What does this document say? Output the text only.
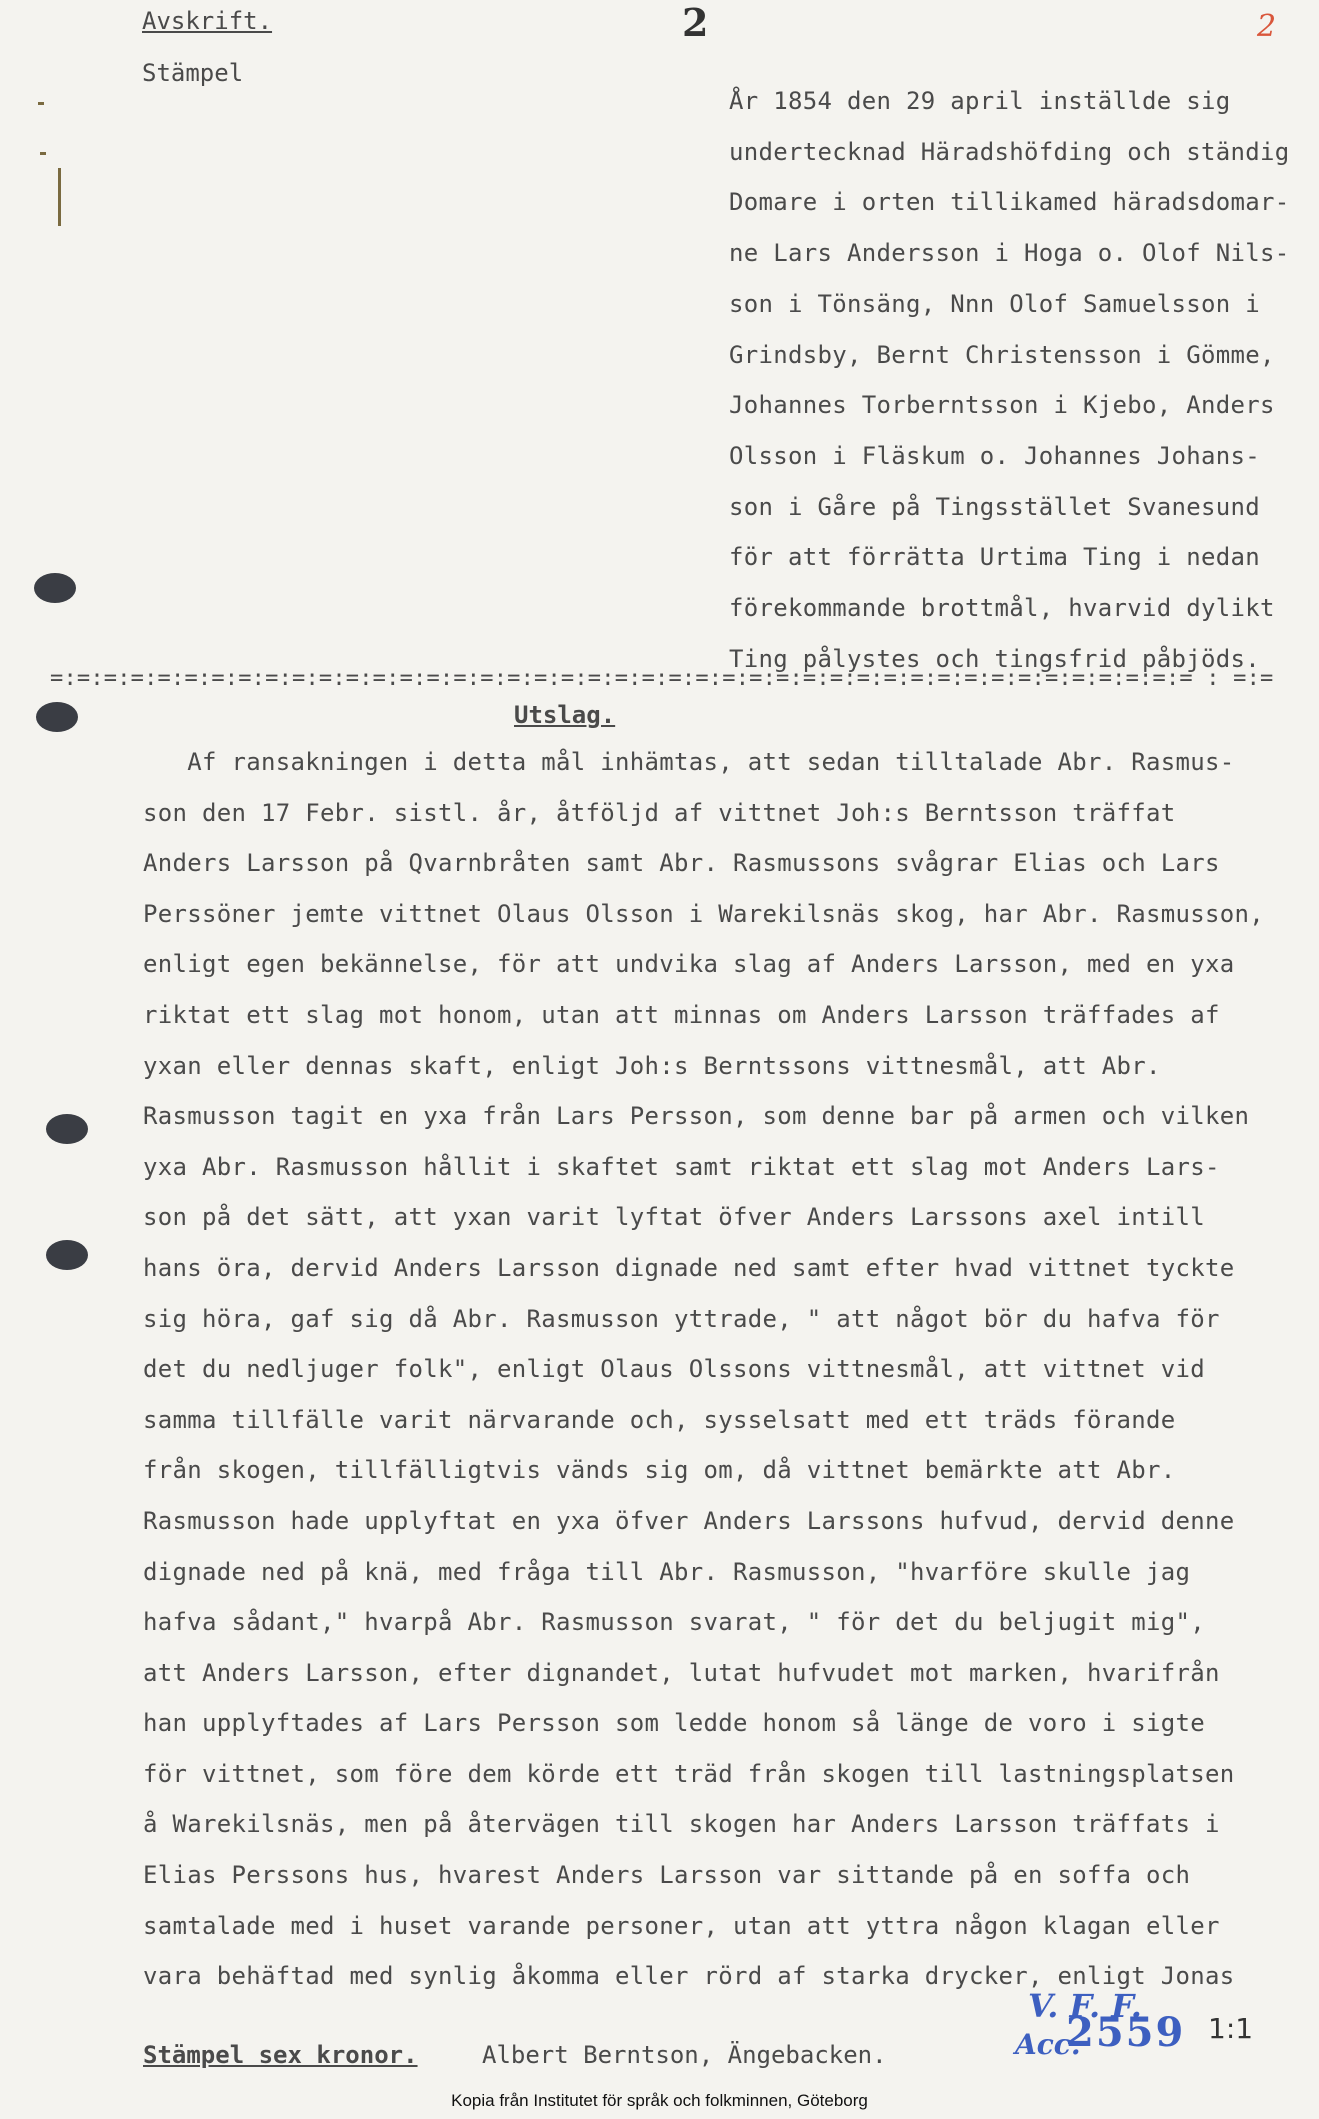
Avskrift.
Stämpel
2	2
År 1854 den 29 april inställde sig
undertecknad Häradshöfding och ständig
Domare i orten tillikamed häradsdomar-
ne Lars Andersson i Hoga o. Olof Nils-
son i Tönsäng, Nnn Olof Samuelsson i
Grindsby, Bernt Christensson i Gömme,
Johannes Torberntsson i Kjebo, Anders
Olsson i Fläskum o. Johannes Johans-
son i Gåre på Tingsstället Svanesund
för att förrätta Urtima Ting i nedan
förekommande brottmål, hvarvid dylikt
Ting pålystes och tingsfrid påbjöds.
=:=:=:=:=:=:=:=:=:=:=:=:=:=:=:=:=:=:=:=:=:=:=:=:=:=:=:=:=:=:=:=:=:=:=:=:=:=:=:=:=:=:= : =:=
Utslag.
Af ransakningen i detta mål inhämtas, att sedan tilltalade Abr. Rasmus-
son den 17 Febr. sistl. år, åtföljd af vittnet Joh:s Berntsson träffat
Anders Larsson på Qvarnbråten samt Abr. Rasmussons svågrar Elias och Lars
Perssöner jemte vittnet Olaus Olsson i Warekilsnäs skog, har Abr. Rasmusson,
enligt egen bekännelse, för att undvika slag af Anders Larsson, med en yxa
riktat ett slag mot honom, utan att minnas om Anders Larsson träffades af
yxan eller dennas skaft, enligt Joh:s Berntssons vittnesmål, att Abr.
Rasmusson tagit en yxa från Lars Persson, som denne bar på armen och vilken
yxa Abr. Rasmusson hållit i skaftet samt riktat ett slag mot Anders Lars-
son på det sätt, att yxan varit lyftat öfver Anders Larssons axel intill
hans öra, dervid Anders Larsson dignade ned samt efter hvad vittnet tyckte
sig höra, gaf sig då Abr. Rasmusson yttrade, " att något bör du hafva för
det du nedljuger folk", enligt Olaus Olssons vittnesmål, att vittnet vid
samma tillfälle varit närvarande och, sysselsatt med ett träds förande
från skogen, tillfälligtvis vänds sig om, då vittnet bemärkte att Abr.
Rasmusson hade upplyftat en yxa öfver Anders Larssons hufvud, dervid denne
dignade ned på knä, med fråga till Abr. Rasmusson, "hvarföre skulle jag
hafva sådant," hvarpå Abr. Rasmusson svarat, " för det du beljugit mig",
att Anders Larsson, efter dignandet, lutat hufvudet mot marken, hvarifrån
han upplyftades af Lars Persson som ledde honom så länge de voro i sigte
för vittnet, som före dem körde ett träd från skogen till lastningsplatsen
å Warekilsnäs, men på återvägen till skogen har Anders Larsson träffats i
Elias Perssons hus, hvarest Anders Larsson var sittande på en soffa och
samtalade med i huset varande personer, utan att yttra någon klagan eller
vara behäftad med synlig åkomma eller rörd af starka drycker, enligt Jonas
Stämpel sex kronor.	Albert Berntson, Ängebacken.
V. F. F.
Acc.
2559 1:1
Kopia från Institutet för språk och folkminnen, Göteborg
